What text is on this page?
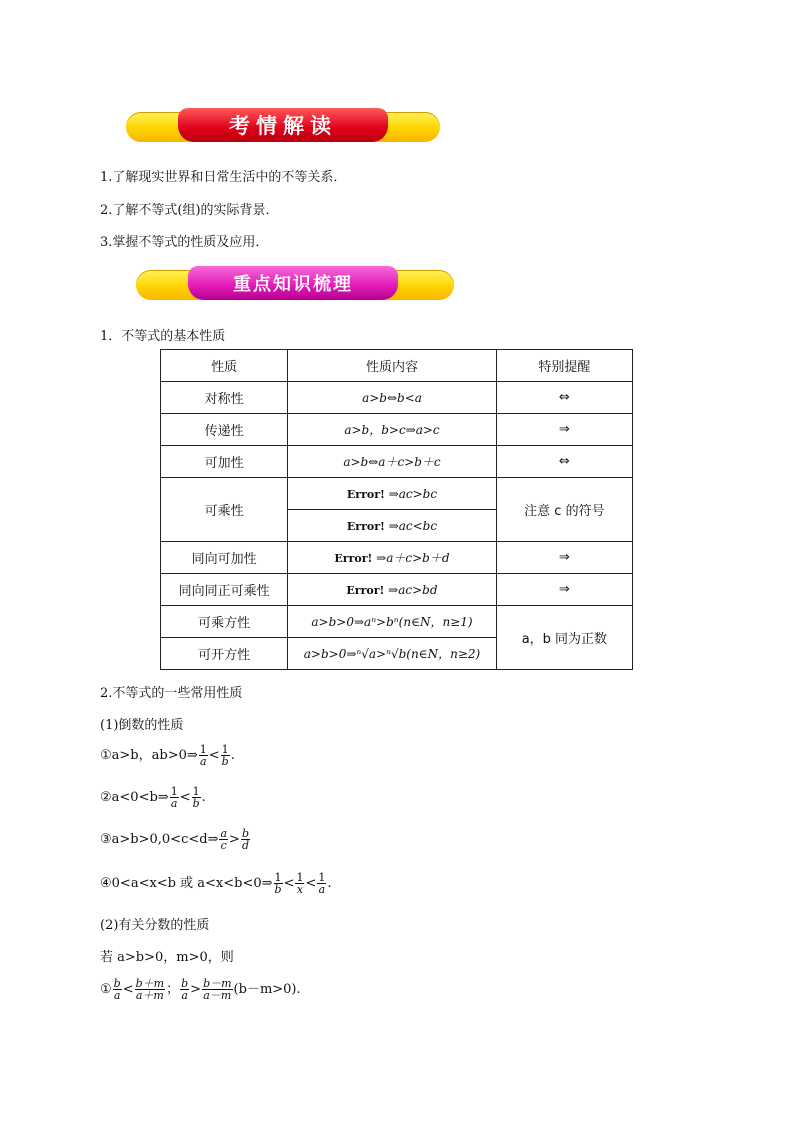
考情解读
1.了解现实世界和日常生活中的不等关系．
2.了解不等式(组)的实际背景．
3.掌握不等式的性质及应用．
重点知识梳理
1．不等式的基本性质
性质	性质内容	特别提醒
对称性	a>b⇔b<a	⇔
传递性	a>b，b>c⇒a>c	⇒
可加性	a>b⇔a＋c>b＋c	⇔
可乘性	Error! ⇒ac>bc	注意 c 的符号
	Error! ⇒ac<bc	
同向可加性	Error! ⇒a＋c>b＋d	⇒
同向同正可乘性	Error! ⇒ac>bd	⇒
可乘方性	a>b>0⇒aⁿ>bⁿ(n∈N，n≥1)	a，b 同为正数
可开方性	a>b>0⇒ⁿ√a>ⁿ√b(n∈N，n≥2)	
2.不等式的一些常用性质
(1)倒数的性质
①a>b，ab>0⇒ $\frac{1}{a} < \frac{1}{b}$ .
②a<0<b⇒ $\frac{1}{a} < \frac{1}{b}$ .
③a>b>0,0<c<d⇒ $\frac{a}{c} > \frac{b}{d}$
④0<a<x<b 或 a<x<b<0⇒ $\frac{1}{b} < \frac{1}{x} < \frac{1}{a}$ .
(2)有关分数的性质
若 a>b>0，m>0，则
① $\frac{b}{a} < \frac{b+m}{a+m}$ ； $\frac{b}{a} > \frac{b-m}{a-m} (b-m>0)$.
